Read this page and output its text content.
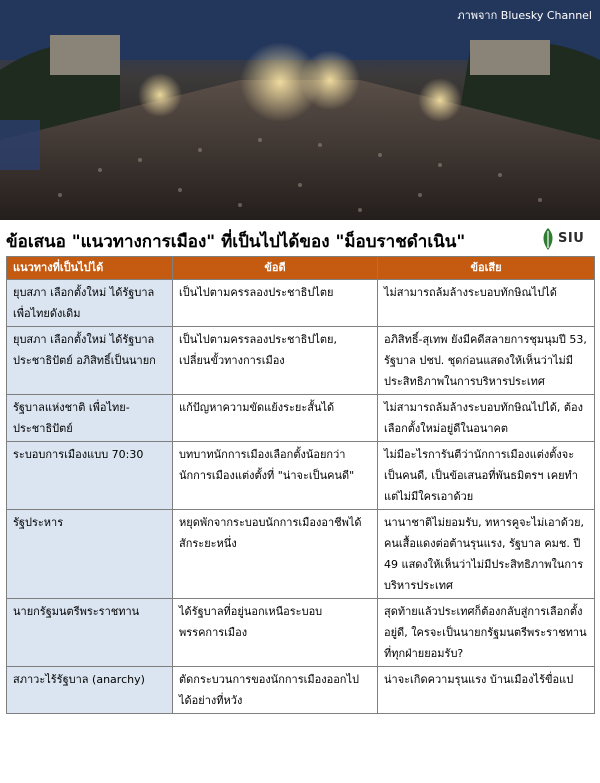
ภาพจาก Bluesky Channel
ข้อเสนอ "แนวทางการเมือง" ที่เป็นไปได้ของ "ม็อบราชดำเนิน"	SIU
แนวทางที่เป็นไปได้	ข้อดี	ข้อเสีย
ยุบสภา เลือกตั้งใหม่ ได้รัฐบาลเพื่อไทยดังเดิม	เป็นไปตามครรลองประชาธิปไตย	ไม่สามารถล้มล้างระบอบทักษิณไปได้
ยุบสภา เลือกตั้งใหม่ ได้รัฐบาลประชาธิปัตย์ อภิสิทธิ์เป็นนายก	เป็นไปตามครรลองประชาธิปไตย, เปลี่ยนขั้วทางการเมือง	อภิสิทธิ์-สุเทพ ยังมีคดีสลายการชุมนุมปี 53, รัฐบาล ปชป. ชุดก่อนแสดงให้เห็นว่าไม่มีประสิทธิภาพในการบริหารประเทศ
รัฐบาลแห่งชาติ เพื่อไทย-ประชาธิปัตย์	แก้ปัญหาความขัดแย้งระยะสั้นได้	ไม่สามารถล้มล้างระบอบทักษิณไปได้, ต้องเลือกตั้งใหม่อยู่ดีในอนาคต
ระบอบการเมืองแบบ 70:30	บทบาทนักการเมืองเลือกตั้งน้อยกว่านักการเมืองแต่งตั้งที่ "น่าจะเป็นคนดี"	ไม่มีอะไรการันตีว่านักการเมืองแต่งตั้งจะเป็นคนดี, เป็นข้อเสนอที่พันธมิตรฯ เคยทำแต่ไม่มีใครเอาด้วย
รัฐประหาร	หยุดพักจากระบอบนักการเมืองอาชีพได้สักระยะหนึ่ง	นานาชาติไม่ยอมรับ, ทหารคูจะไม่เอาด้วย, คนเสื้อแดงต่อต้านรุนแรง, รัฐบาล คมช. ปี 49 แสดงให้เห็นว่าไม่มีประสิทธิภาพในการบริหารประเทศ
นายกรัฐมนตรีพระราชทาน	ได้รัฐบาลที่อยู่นอกเหนือระบอบพรรคการเมือง	สุดท้ายแล้วประเทศก็ต้องกลับสู่การเลือกตั้งอยู่ดี, ใครจะเป็นนายกรัฐมนตรีพระราชทานที่ทุกฝ่ายยอมรับ?
สภาวะไร้รัฐบาล (anarchy)	ตัดกระบวนการของนักการเมืองออกไปได้อย่างที่หวัง	น่าจะเกิดความรุนแรง บ้านเมืองไร้ขื่อแป
